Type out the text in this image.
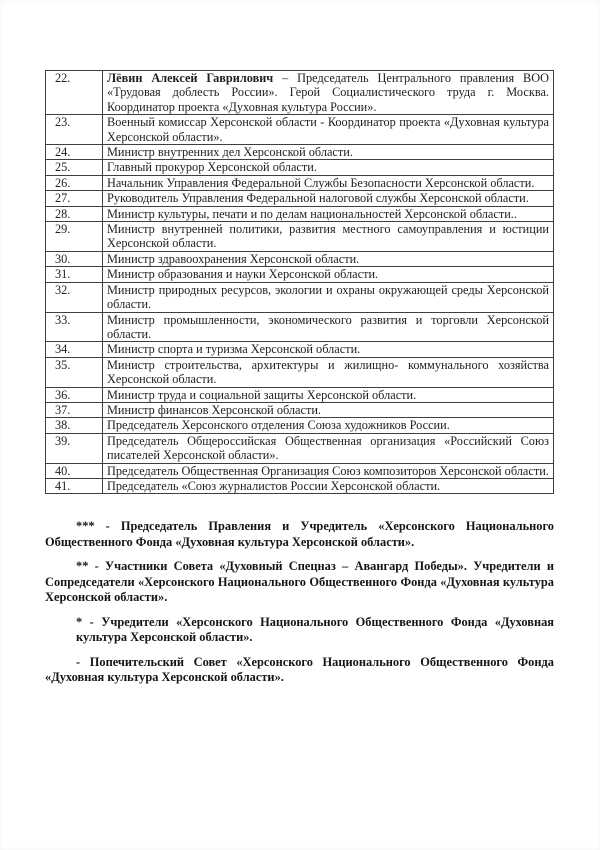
22.	Лёвин Алексей Гаврилович – Председатель Центрального правления ВОО «Трудовая доблесть России». Герой Социалистического труда г. Москва. Координатор проекта «Духовная культура России».
23.	Военный комиссар Херсонской области - Координатор проекта «Духовная культура Херсонской области».
24.	Министр внутренних дел Херсонской области.
25.	Главный прокурор Херсонской области.
26.	Начальник Управления Федеральной Службы Безопасности Херсонской области.
27.	Руководитель Управления Федеральной налоговой службы Херсонской области.
28.	Министр культуры, печати и по делам национальностей Херсонской области..
29.	Министр внутренней политики, развития местного самоуправления и юстиции Херсонской области.
30.	Министр здравоохранения Херсонской области.
31.	Министр образования и науки Херсонской области.
32.	Министр природных ресурсов, экологии и охраны окружающей среды Херсонской области.
33.	Министр промышленности, экономического развития и торговли Херсонской области.
34.	Министр спорта и туризма Херсонской области.
35.	Министр строительства, архитектуры и жилищно- коммунального хозяйства Херсонской области.
36.	Министр труда и социальной защиты Херсонской области.
37.	Министр финансов Херсонской области.
38.	Председатель Херсонского отделения Союза художников России.
39.	Председатель Общероссийская Общественная организация «Российский Союз писателей Херсонской области».
40.	Председатель Общественная Организация Союз композиторов Херсонской области.
41.	Председатель «Союз журналистов России Херсонской области.

*** - Председатель Правления и Учредитель «Херсонского Национального Общественного Фонда «Духовная культура Херсонской области».

** - Участники Совета «Духовный Спецназ – Авангард Победы». Учредители и Сопредседатели «Херсонского Национального Общественного Фонда «Духовная культура Херсонской области».

* - Учредители «Херсонского Национального Общественного Фонда «Духовная культура Херсонской области».

- Попечительский Совет «Херсонского Национального Общественного Фонда «Духовная культура Херсонской области».
